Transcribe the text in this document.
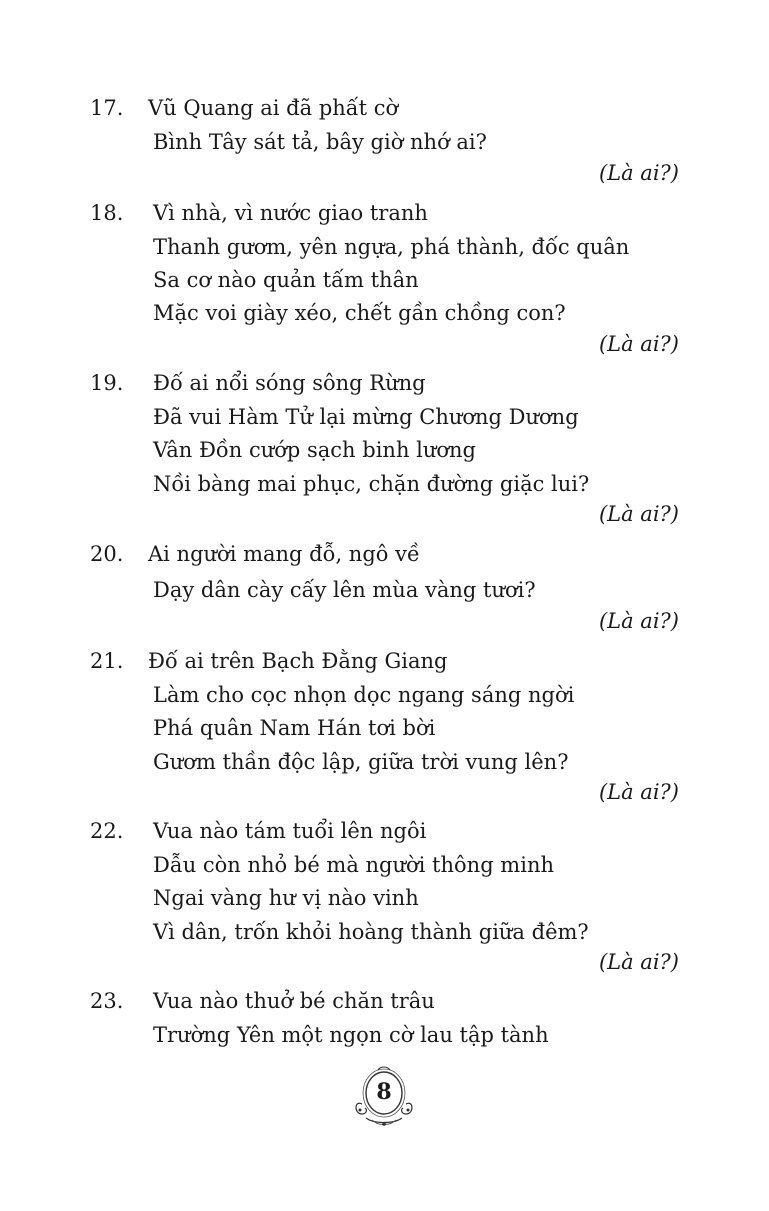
17. Vũ Quang ai đã phất cờ
Bình Tây sát tả, bây giờ nhớ ai?
(Là ai?)
18. Vì nhà, vì nước giao tranh
Thanh gươm, yên ngựa, phá thành, đốc quân
Sa cơ nào quản tấm thân
Mặc voi giày xéo, chết gần chồng con?
(Là ai?)
19. Đố ai nổi sóng sông Rừng
Đã vui Hàm Tử lại mừng Chương Dương
Vân Đồn cướp sạch binh lương
Nồi bàng mai phục, chặn đường giặc lui?
(Là ai?)
20. Ai người mang đỗ, ngô về
Dạy dân cày cấy lên mùa vàng tươi?
(Là ai?)
21. Đố ai trên Bạch Đằng Giang
Làm cho cọc nhọn dọc ngang sáng ngời
Phá quân Nam Hán tơi bời
Gươm thần độc lập, giữa trời vung lên?
(Là ai?)
22. Vua nào tám tuổi lên ngôi
Dẫu còn nhỏ bé mà người thông minh
Ngai vàng hư vị nào vinh
Vì dân, trốn khỏi hoàng thành giữa đêm?
(Là ai?)
23. Vua nào thuở bé chăn trâu
Trường Yên một ngọn cờ lau tập tành
8
